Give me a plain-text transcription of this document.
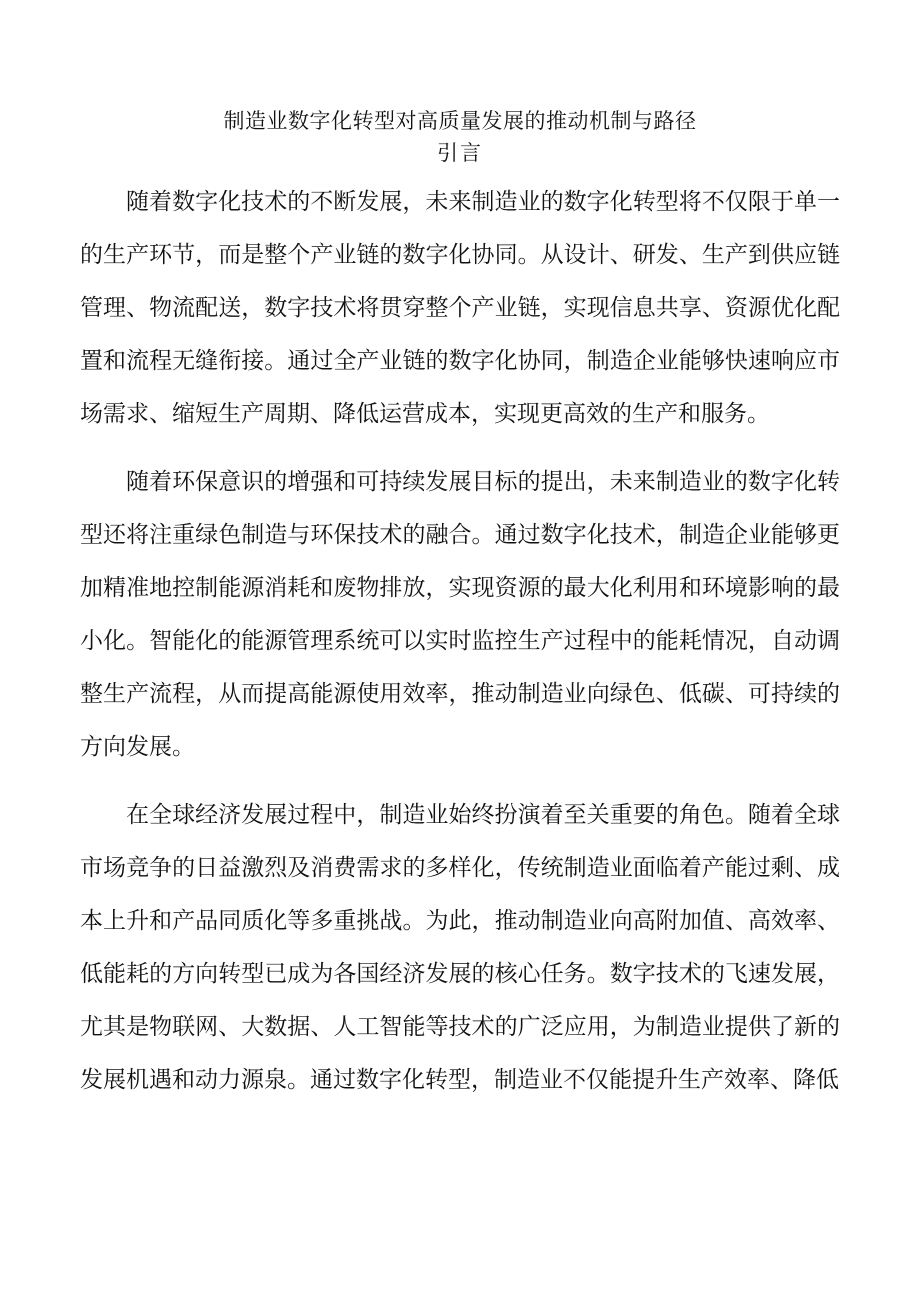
制造业数字化转型对高质量发展的推动机制与路径
引言

随着数字化技术的不断发展，未来制造业的数字化转型将不仅限于单一的生产环节，而是整个产业链的数字化协同。从设计、研发、生产到供应链管理、物流配送，数字技术将贯穿整个产业链，实现信息共享、资源优化配置和流程无缝衔接。通过全产业链的数字化协同，制造企业能够快速响应市场需求、缩短生产周期、降低运营成本，实现更高效的生产和服务。

随着环保意识的增强和可持续发展目标的提出，未来制造业的数字化转型还将注重绿色制造与环保技术的融合。通过数字化技术，制造企业能够更加精准地控制能源消耗和废物排放，实现资源的最大化利用和环境影响的最小化。智能化的能源管理系统可以实时监控生产过程中的能耗情况，自动调整生产流程，从而提高能源使用效率，推动制造业向绿色、低碳、可持续的方向发展。

在全球经济发展过程中，制造业始终扮演着至关重要的角色。随着全球市场竞争的日益激烈及消费需求的多样化，传统制造业面临着产能过剩、成本上升和产品同质化等多重挑战。为此，推动制造业向高附加值、高效率、低能耗的方向转型已成为各国经济发展的核心任务。数字技术的飞速发展，尤其是物联网、大数据、人工智能等技术的广泛应用，为制造业提供了新的发展机遇和动力源泉。通过数字化转型，制造业不仅能提升生产效率、降低
